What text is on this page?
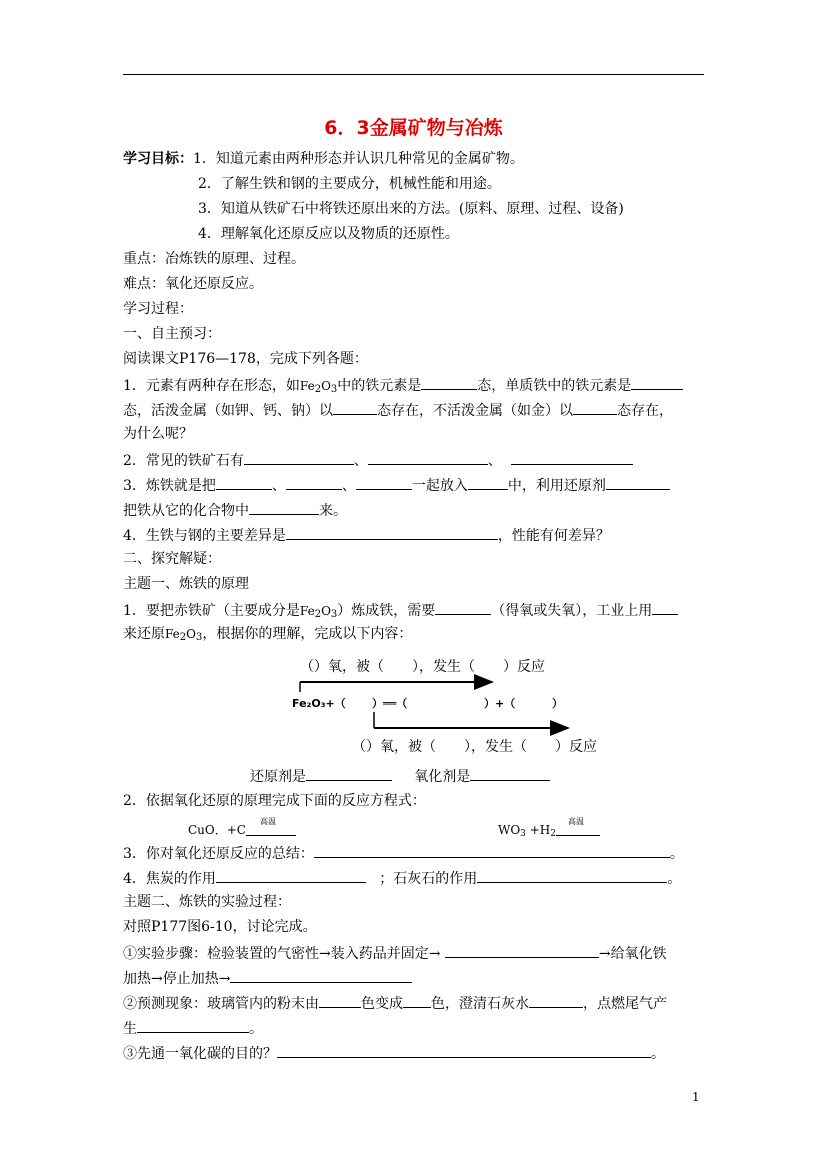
6．3金属矿物与冶炼
学习目标：1．知道元素由两种形态并认识几种常见的金属矿物。
2．了解生铁和钢的主要成分，机械性能和用途。
3．知道从铁矿石中将铁还原出来的方法。(原料、原理、过程、设备)
4．理解氧化还原反应以及物质的还原性。
重点：冶炼铁的原理、过程。
难点：氧化还原反应。
学习过程：
一、自主预习：
阅读课文P176—178，完成下列各题：
1．元素有两种存在形态，如$Fe_2O_3$中的铁元素是	态，单质铁中的铁元素是
态，活泼金属（如钾、钙、钠）以	态存在，不活泼金属（如金）以	态存在，
为什么呢？
2．常见的铁矿石有	、	、
3．炼铁就是把	、	、	一起放入	中，利用还原剂
把铁从它的化合物中	来。
4．生铁与钢的主要差异是	，性能有何差异？
二、探究解疑：
主题一、炼铁的原理
1．要把赤铁矿（主要成分是$Fe_2O_3$）炼成铁，需要	（得氧或失氧），工业上用
来还原$Fe_2O_3$，根据你的理解，完成以下内容：
（）氧，被（　　），发生（　　）反应
Fe₂O₃+（ ）══（	）+（	）
（）氧，被（　　），发生（　　）反应
还原剂是	氧化剂是
2．依据氧化还原的原理完成下面的反应方程式：
CuO．+C
高温

$WO_3 +H_2$
高温

3．你对氧化还原反应的总结：	。
4．焦炭的作用	；石灰石的作用	。
主题二、炼铁的实验过程：
对照P177图6-10，讨论完成。
①实验步骤：检验装置的气密性→装入药品并固定→	→给氧化铁
加热→停止加热→
②预测现象：玻璃管内的粉末由	色变成 色，澄清石灰水	，点燃尾气产
生	。
③先通一氧化碳的目的？	。
1
